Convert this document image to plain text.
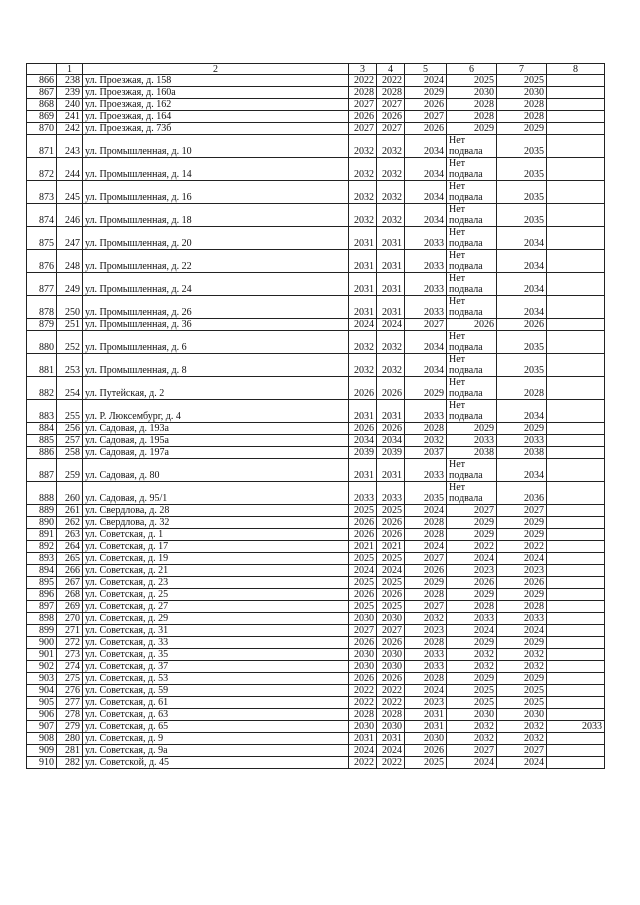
	1	2	3	4	5	6	7	8
866	238	ул. Проезжая, д. 158	2022	2022	2024	2025	2025	
867	239	ул. Проезжая, д. 160а	2028	2028	2029	2030	2030	
868	240	ул. Проезжая, д. 162	2027	2027	2026	2028	2028	
869	241	ул. Проезжая, д. 164	2026	2026	2027	2028	2028	
870	242	ул. Проезжая, д. 73б	2027	2027	2026	2029	2029	
871	243	ул. Промышленная, д. 10	2032	2032	2034	Нет подвала	2035	
872	244	ул. Промышленная, д. 14	2032	2032	2034	Нет подвала	2035	
873	245	ул. Промышленная, д. 16	2032	2032	2034	Нет подвала	2035	
874	246	ул. Промышленная, д. 18	2032	2032	2034	Нет подвала	2035	
875	247	ул. Промышленная, д. 20	2031	2031	2033	Нет подвала	2034	
876	248	ул. Промышленная, д. 22	2031	2031	2033	Нет подвала	2034	
877	249	ул. Промышленная, д. 24	2031	2031	2033	Нет подвала	2034	
878	250	ул. Промышленная, д. 26	2031	2031	2033	Нет подвала	2034	
879	251	ул. Промышленная, д. 36	2024	2024	2027	2026	2026	
880	252	ул. Промышленная, д. 6	2032	2032	2034	Нет подвала	2035	
881	253	ул. Промышленная, д. 8	2032	2032	2034	Нет подвала	2035	
882	254	ул. Путейская, д. 2	2026	2026	2029	Нет подвала	2028	
883	255	ул. Р. Люксембург, д. 4	2031	2031	2033	Нет подвала	2034	
884	256	ул. Садовая, д. 193а	2026	2026	2028	2029	2029	
885	257	ул. Садовая, д. 195а	2034	2034	2032	2033	2033	
886	258	ул. Садовая, д. 197а	2039	2039	2037	2038	2038	
887	259	ул. Садовая, д. 80	2031	2031	2033	Нет подвала	2034	
888	260	ул. Садовая, д. 95/1	2033	2033	2035	Нет подвала	2036	
889	261	ул. Свердлова, д. 28	2025	2025	2024	2027	2027	
890	262	ул. Свердлова, д. 32	2026	2026	2028	2029	2029	
891	263	ул. Советская, д. 1	2026	2026	2028	2029	2029	
892	264	ул. Советская, д. 17	2021	2021	2024	2022	2022	
893	265	ул. Советская, д. 19	2025	2025	2027	2024	2024	
894	266	ул. Советская, д. 21	2024	2024	2026	2023	2023	
895	267	ул. Советская, д. 23	2025	2025	2029	2026	2026	
896	268	ул. Советская, д. 25	2026	2026	2028	2029	2029	
897	269	ул. Советская, д. 27	2025	2025	2027	2028	2028	
898	270	ул. Советская, д. 29	2030	2030	2032	2033	2033	
899	271	ул. Советская, д. 31	2027	2027	2023	2024	2024	
900	272	ул. Советская, д. 33	2026	2026	2028	2029	2029	
901	273	ул. Советская, д. 35	2030	2030	2033	2032	2032	
902	274	ул. Советская, д. 37	2030	2030	2033	2032	2032	
903	275	ул. Советская, д. 53	2026	2026	2028	2029	2029	
904	276	ул. Советская, д. 59	2022	2022	2024	2025	2025	
905	277	ул. Советская, д. 61	2022	2022	2023	2025	2025	
906	278	ул. Советская, д. 63	2028	2028	2031	2030	2030	
907	279	ул. Советская, д. 65	2030	2030	2031	2032	2032	2033
908	280	ул. Советская, д. 9	2031	2031	2030	2032	2032	
909	281	ул. Советская, д. 9а	2024	2024	2026	2027	2027	
910	282	ул. Советской, д. 45	2022	2022	2025	2024	2024	
